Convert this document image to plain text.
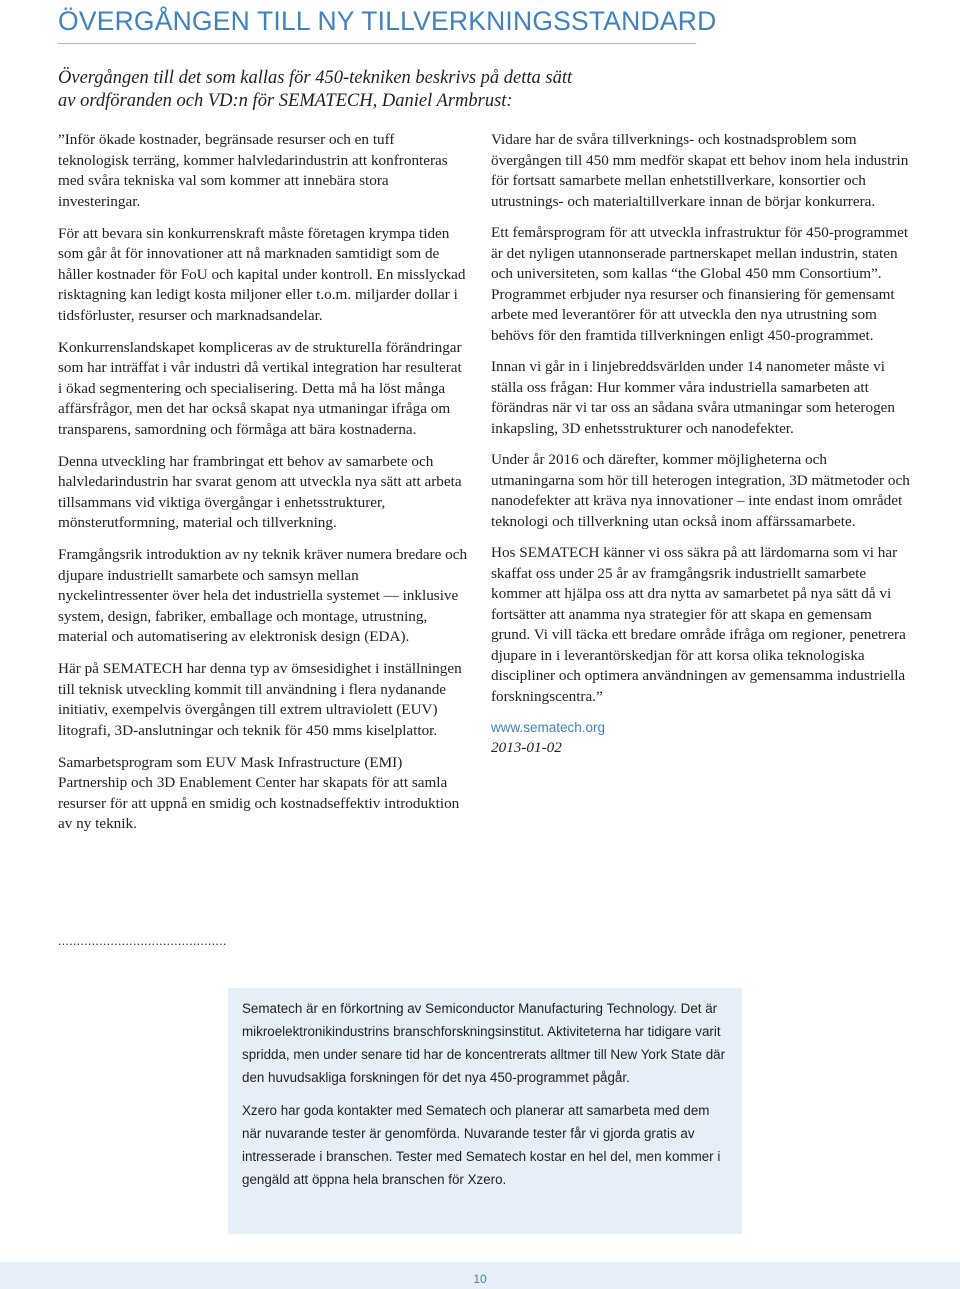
ÖVERGÅNGEN TILL NY TILLVERKNINGSSTANDARD

Övergången till det som kallas för 450-tekniken beskrivs på detta sätt
av ordföranden och VD:n för SEMATECH, Daniel Armbrust:

”Inför ökade kostnader, begränsade resurser och en tuff teknologisk terräng, kommer halvledarindustrin att konfronteras med svåra tekniska val som kommer att innebära stora investeringar.

För att bevara sin konkurrenskraft måste företagen krympa tiden som går åt för innovationer att nå marknaden samtidigt som de håller kostnader för FoU och kapital under kontroll. En misslyckad risktagning kan ledigt kosta miljoner eller t.o.m. miljarder dollar i tidsförluster, resurser och marknadsandelar.

Konkurrenslandskapet kompliceras av de strukturella förändringar som har inträffat i vår industri då vertikal integration har resulterat i ökad segmentering och specialisering. Detta må ha löst många affärsfrågor, men det har också skapat nya utmaningar ifråga om transparens, samordning och förmåga att bära kostnaderna.

Denna utveckling har frambringat ett behov av samarbete och halvledarindustrin har svarat genom att utveckla nya sätt att arbeta tillsammans vid viktiga övergångar i enhetsstrukturer, mönsterutformning, material och tillverkning.

Framgångsrik introduktion av ny teknik kräver numera bredare och djupare industriellt samarbete och samsyn mellan nyckelintressenter över hela det industriella systemet — inklusive system, design, fabriker, emballage och montage, utrustning, material och automatisering av elektronisk design (EDA).

Här på SEMATECH har denna typ av ömsesidighet i inställningen till teknisk utveckling kommit till användning i flera nydanande initiativ, exempelvis övergången till extrem ultraviolett (EUV) litografi, 3D-anslutningar och teknik för 450 mms kiselplattor.

Samarbetsprogram som EUV Mask Infrastructure (EMI) Partnership och 3D Enablement Center har skapats för att samla resurser för att uppnå en smidig och kostnadseffektiv introduktion av ny teknik.

Vidare har de svåra tillverknings- och kostnadsproblem som övergången till 450 mm medför skapat ett behov inom hela industrin för fortsatt samarbete mellan enhetstillverkare, konsortier och utrustnings- och materialtillverkare innan de börjar konkurrera.

Ett femårsprogram för att utveckla infrastruktur för 450-programmet är det nyligen utannonserade partnerskapet mellan industrin, staten och universiteten, som kallas “the Global 450 mm Consortium”. Programmet erbjuder nya resurser och finansiering för gemensamt arbete med leverantörer för att utveckla den nya utrustning som behövs för den framtida tillverkningen enligt 450-programmet.

Innan vi går in i linjebreddsvärlden under 14 nanometer måste vi ställa oss frågan: Hur kommer våra industriella samarbeten att förändras när vi tar oss an sådana svåra utmaningar som heterogen inkapsling, 3D enhetsstrukturer och nanodefekter.

Under år 2016 och därefter, kommer möjligheterna och utmaningarna som hör till heterogen integration, 3D mätmetoder och nanodefekter att kräva nya innovationer – inte endast inom området teknologi och tillverkning utan också inom affärssamarbete.

Hos SEMATECH känner vi oss säkra på att lärdomarna som vi har skaffat oss under 25 år av framgångsrik industriellt samarbete kommer att hjälpa oss att dra nytta av samarbetet på nya sätt då vi fortsätter att anamma nya strategier för att skapa en gemensam grund. Vi vill täcka ett bredare område ifråga om regioner, penetrera djupare in i leverantörskedjan för att korsa olika teknologiska discipliner och optimera användningen av gemensamma industriella forskningscentra.”

www.sematech.org
2013-01-02

.............................................

Sematech är en förkortning av Semiconductor Manufacturing Technology. Det är mikroelektronikindustrins branschforskningsinstitut. Aktiviteterna har tidigare varit spridda, men under senare tid har de koncentrerats alltmer till New York State där den huvudsakliga forskningen för det nya 450-programmet pågår.

Xzero har goda kontakter med Sematech och planerar att samarbeta med dem när nuvarande tester är genomförda. Nuvarande tester får vi gjorda gratis av intresserade i branschen. Tester med Sematech kostar en hel del, men kommer i gengäld att öppna hela branschen för Xzero.

10
